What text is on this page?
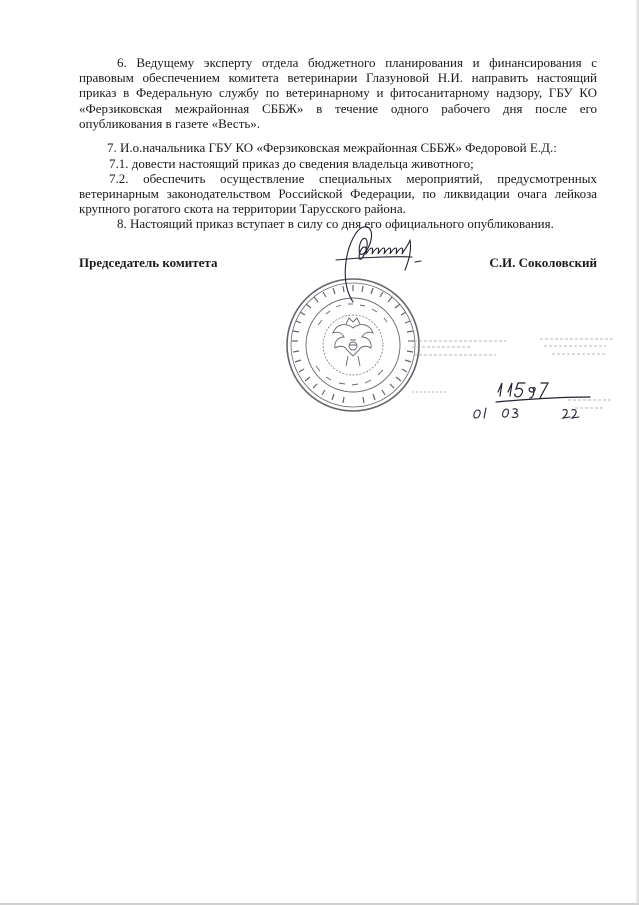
6. Ведущему эксперту отдела бюджетного планирования и финансирования с правовым обеспечением комитета ветеринарии Глазуновой Н.И. направить настоящий приказ в Федеральную службу по ветеринарному и фитосанитарному надзору, ГБУ КО «Ферзиковская межрайонная СББЖ» в течение одного рабочего дня после его опубликования в газете «Весть».

7. И.о.начальника ГБУ КО «Ферзиковская межрайонная СББЖ» Федоровой Е.Д.:

7.1. довести настоящий приказ до сведения владельца животного;

7.2. обеспечить осуществление специальных мероприятий, предусмотренных ветеринарным законодательством Российской Федерации, по ликвидации очага лейкоза крупного рогатого скота на территории Тарусского района.

8. Настоящий приказ вступает в силу со дня его официального опубликования.

Председатель комитета	С.И. Соколовский
